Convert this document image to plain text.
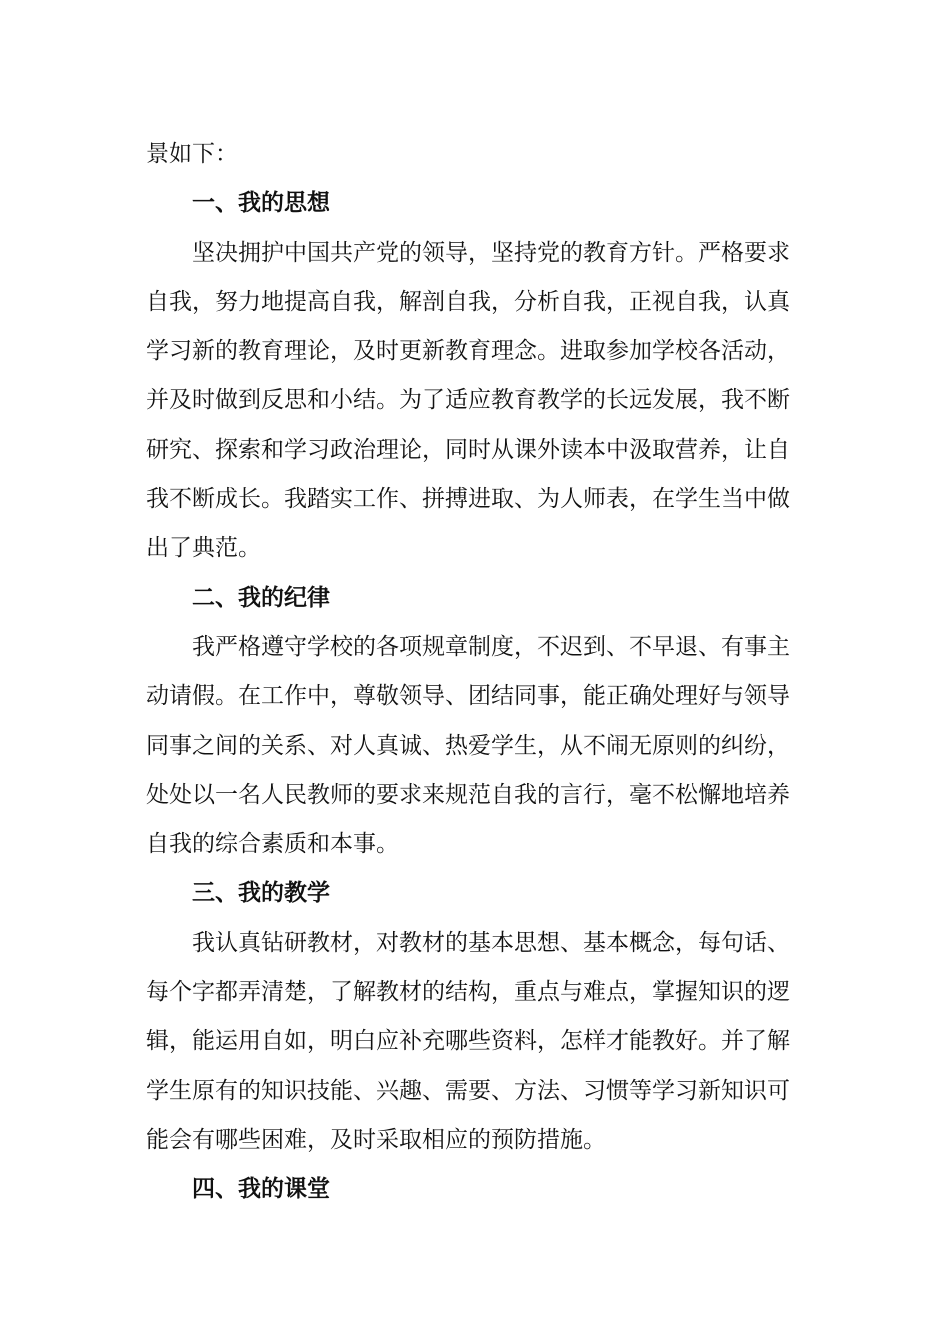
景如下：

一、我的思想

坚决拥护中国共产党的领导，坚持党的教育方针。严格要求自我，努力地提高自我，解剖自我，分析自我，正视自我，认真学习新的教育理论，及时更新教育理念。进取参加学校各活动，并及时做到反思和小结。为了适应教育教学的长远发展，我不断研究、探索和学习政治理论，同时从课外读本中汲取营养，让自我不断成长。我踏实工作、拼搏进取、为人师表，在学生当中做出了典范。

二、我的纪律

我严格遵守学校的各项规章制度，不迟到、不早退、有事主动请假。在工作中，尊敬领导、团结同事，能正确处理好与领导同事之间的关系、对人真诚、热爱学生，从不闹无原则的纠纷，处处以一名人民教师的要求来规范自我的言行，毫不松懈地培养自我的综合素质和本事。

三、我的教学

我认真钻研教材，对教材的基本思想、基本概念，每句话、每个字都弄清楚，了解教材的结构，重点与难点，掌握知识的逻辑，能运用自如，明白应补充哪些资料，怎样才能教好。并了解学生原有的知识技能、兴趣、需要、方法、习惯等学习新知识可能会有哪些困难，及时采取相应的预防措施。

四、我的课堂
